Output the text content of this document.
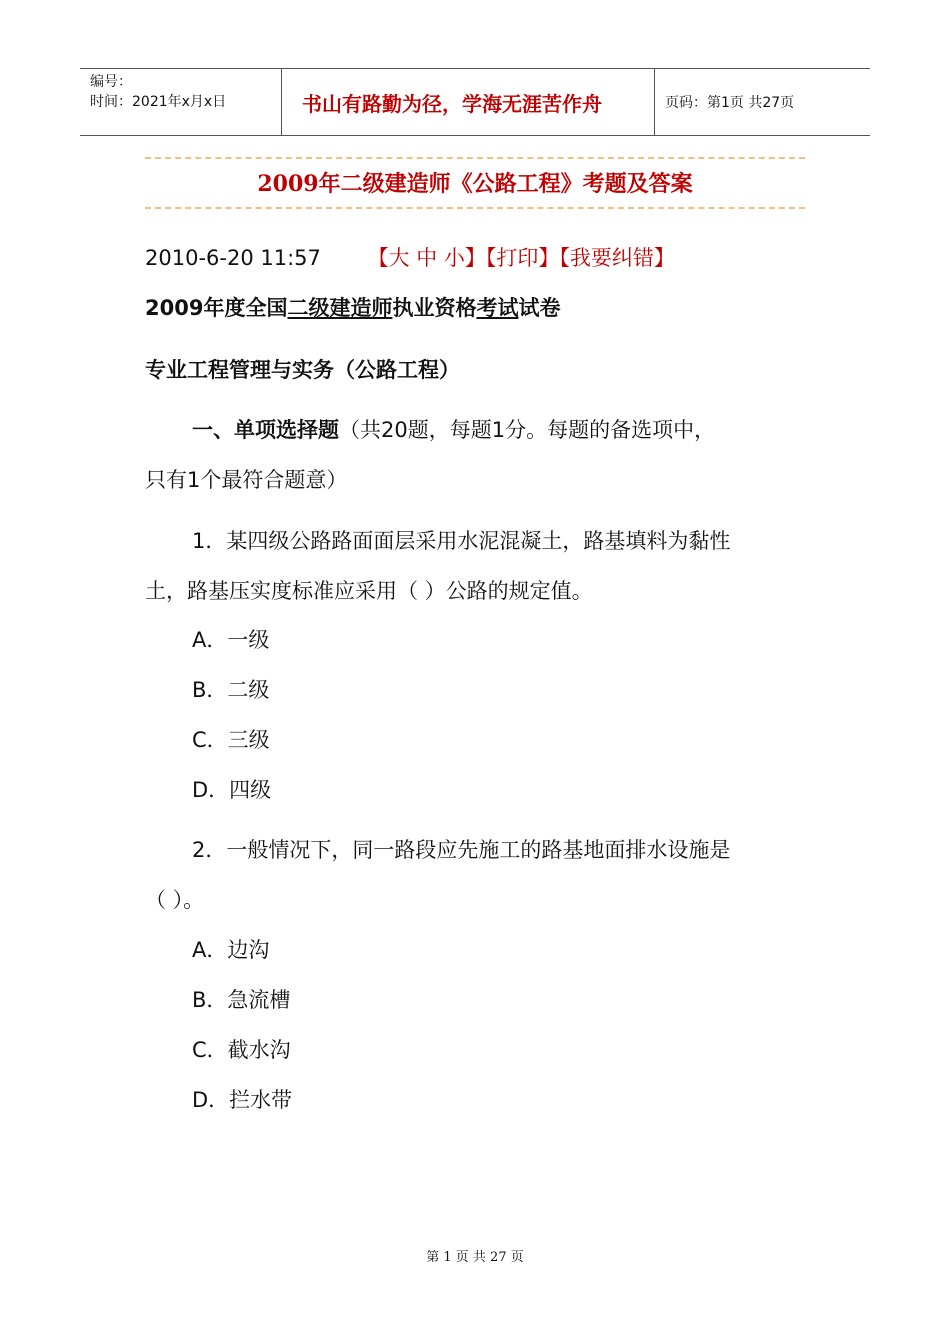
编号：
时间：2021年x月x日	书山有路勤为径，学海无涯苦作舟	页码：第1页 共27页
2009年二级建造师《公路工程》考题及答案
2010-6-20 11:57 【大 中 小】【打印】【我要纠错】
2009年度全国二级建造师执业资格考试试卷
专业工程管理与实务（公路工程）
一、单项选择题（共20题，每题1分。每题的备选项中，
只有1个最符合题意）
1．某四级公路路面面层采用水泥混凝土，路基填料为黏性
土，路基压实度标准应采用（ ）公路的规定值。
A．一级
B．二级
C．三级
D．四级
2．一般情况下，同一路段应先施工的路基地面排水设施是
（ ）。
A．边沟
B．急流槽
C．截水沟
D．拦水带
第 1 页 共 27 页
